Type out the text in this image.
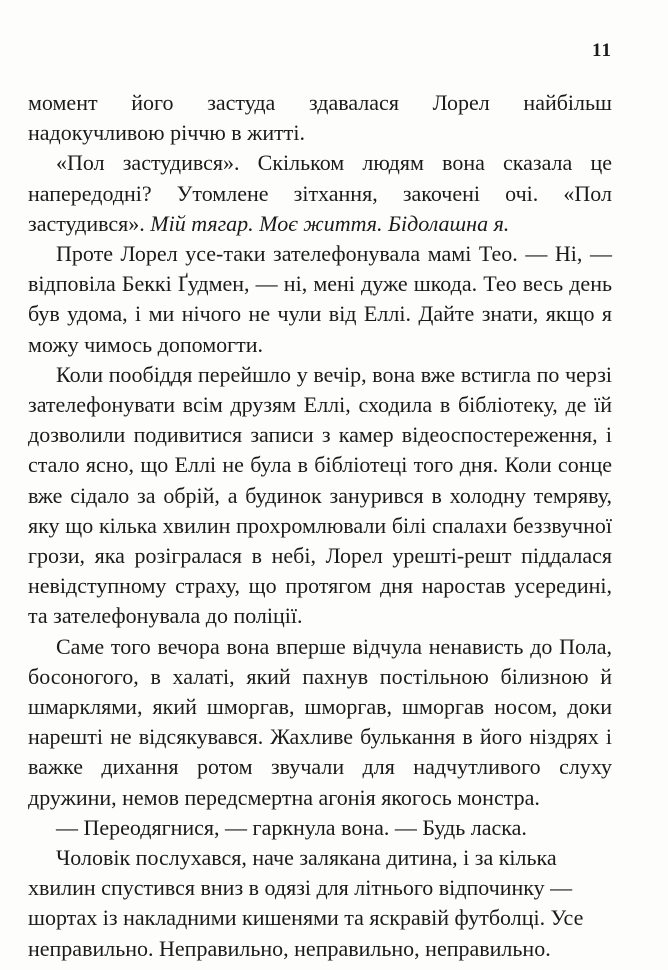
11

момент його застуда здавалася Лорел найбільш надокучливою річчю в житті.

«Пол застудився». Скільком людям вона сказала це напередодні? Утомлене зітхання, закочені очі. «Пол застудився». Мій тягар. Моє життя. Бідолашна я.

Проте Лорел усе-таки зателефонувала мамі Тео. — Ні, — відповіла Беккі Ґудмен, — ні, мені дуже шкода. Тео весь день був удома, і ми нічого не чули від Еллі. Дайте знати, якщо я можу чимось допомогти.

Коли пообіддя перейшло у вечір, вона вже встигла по черзі зателефонувати всім друзям Еллі, сходила в бібліотеку, де їй дозволили подивитися записи з камер відеоспостереження, і стало ясно, що Еллі не була в бібліотеці того дня. Коли сонце вже сідало за обрій, а будинок занурився в холодну темряву, яку що кілька хвилин прохромлювали білі спалахи беззвучної грози, яка розігралася в небі, Лорел урешті-решт піддалася невідступному страху, що протягом дня наростав усередині, та зателефонувала до поліції.

Саме того вечора вона вперше відчула ненависть до Пола, босоногого, в халаті, який пахнув постільною білизною й шмарклями, який шморгав, шморгав, шморгав носом, доки нарешті не відсякувався. Жахливе булькання в його ніздрях і важке дихання ротом звучали для надчутливого слуху дружини, немов передсмертна агонія якогось монстра.

— Переодягнися, — гаркнула вона. — Будь ласка.

Чоловік послухався, наче залякана дитина, і за кілька хвилин спустився вниз в одязі для літнього відпочинку — шортах із накладними кишенями та яскравій футболці. Усе неправильно. Неправильно, неправильно, неправильно.
